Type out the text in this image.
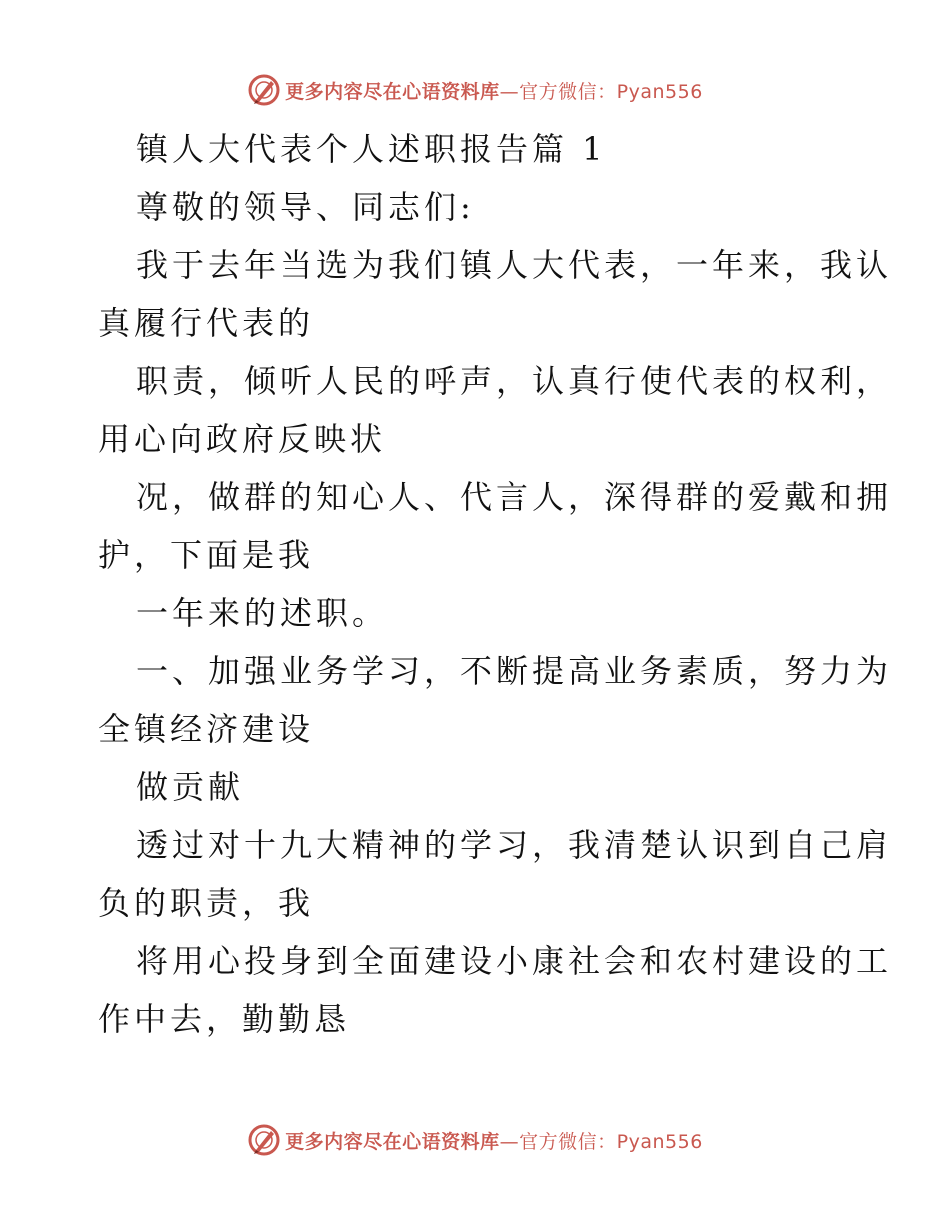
更多内容尽在心语资料库—官方微信：Pyan556
镇人大代表个人述职报告篇 1
尊敬的领导、同志们:
我于去年当选为我们镇人大代表，一年来，我认
真履行代表的
职责，倾听人民的呼声，认真行使代表的权利，
用心向政府反映状
况，做群的知心人、代言人，深得群的爱戴和拥
护，下面是我
一年来的述职。
一、加强业务学习，不断提高业务素质，努力为
全镇经济建设
做贡献
透过对十九大精神的学习，我清楚认识到自己肩
负的职责，我
将用心投身到全面建设小康社会和农村建设的工
作中去，勤勤恳
更多内容尽在心语资料库—官方微信：Pyan556
